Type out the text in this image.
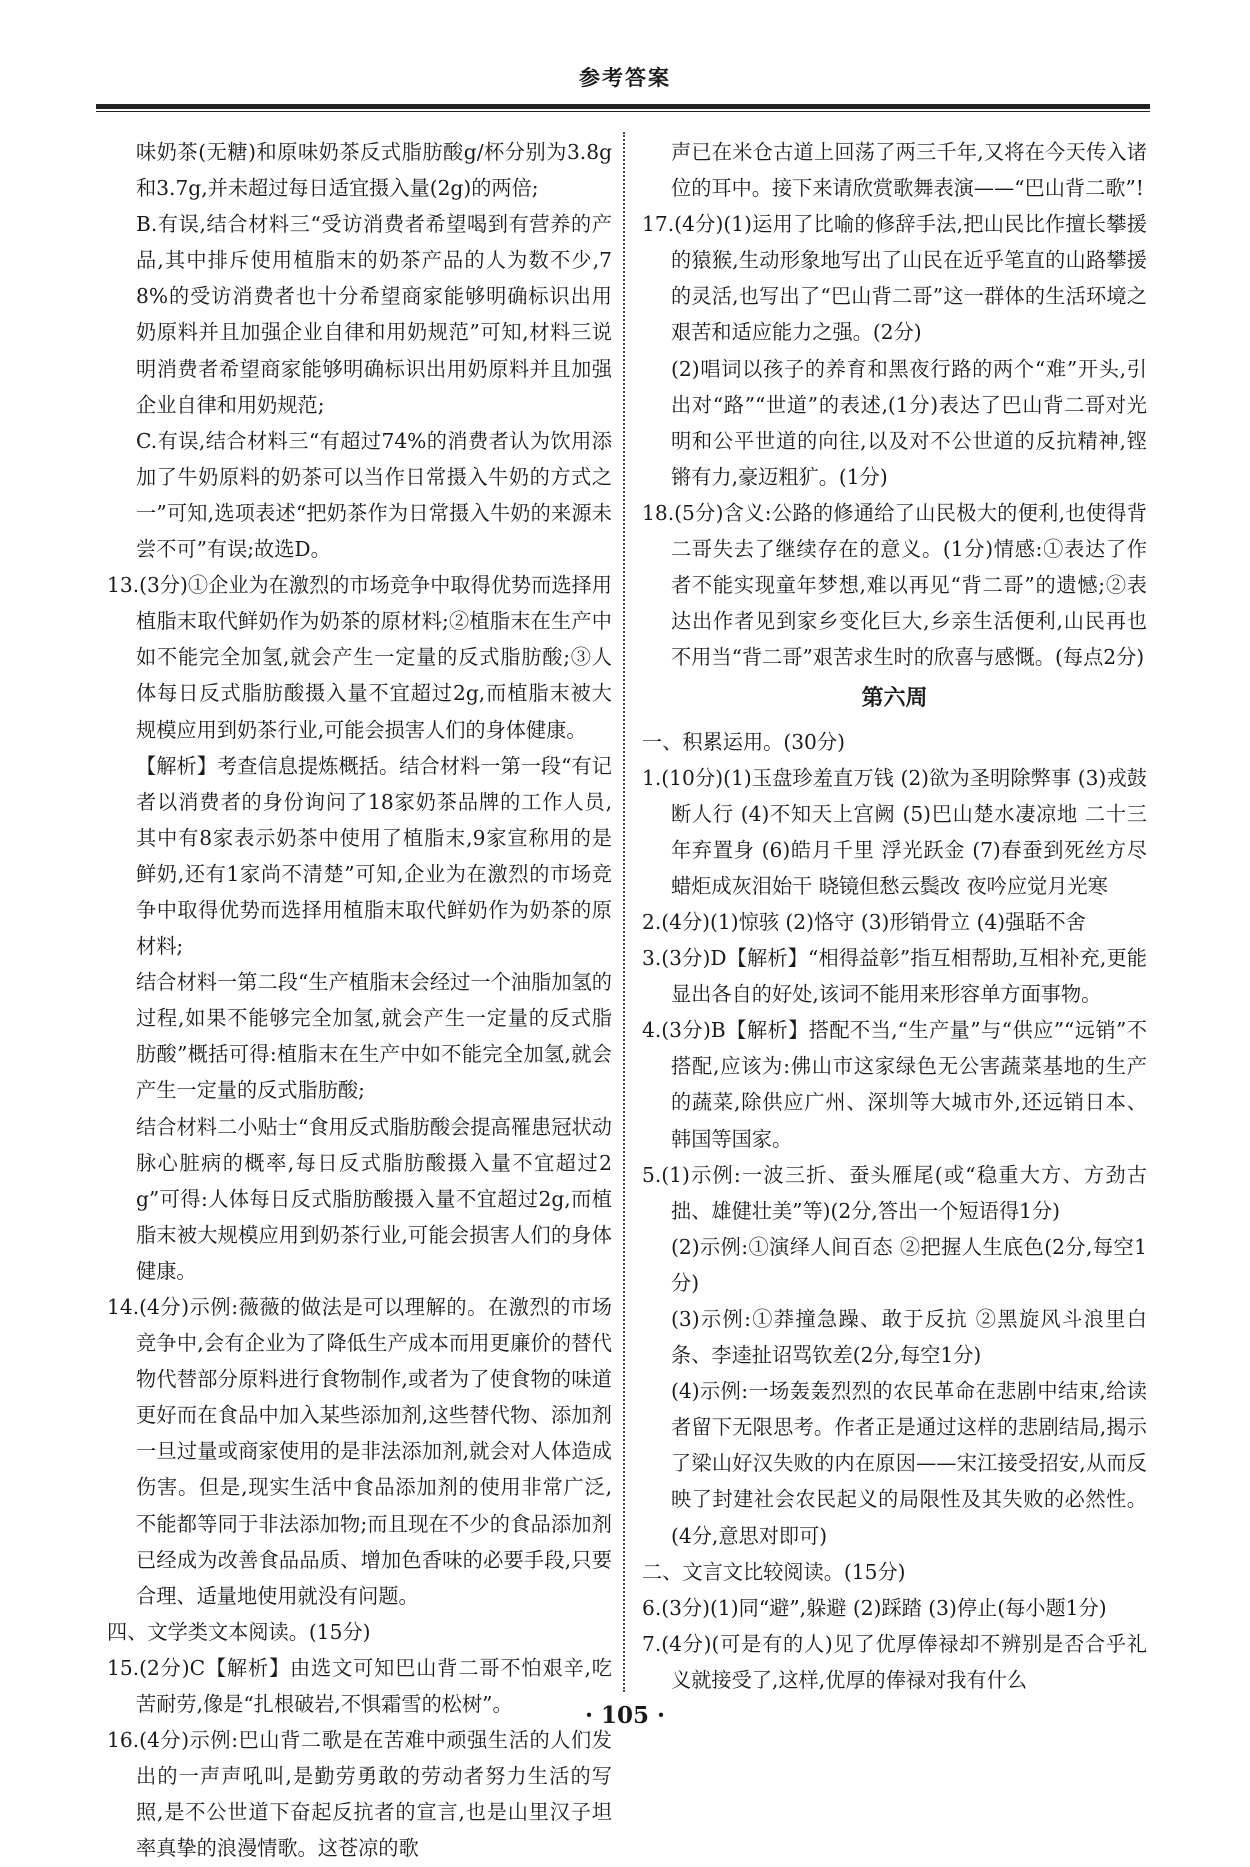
参考答案

味奶茶(无糖)和原味奶茶反式脂肪酸g/杯分别为3.8g和3.7g,并未超过每日适宜摄入量(2g)的两倍;

B.有误,结合材料三“受访消费者希望喝到有营养的产品,其中排斥使用植脂末的奶茶产品的人为数不少,78%的受访消费者也十分希望商家能够明确标识出用奶原料并且加强企业自律和用奶规范”可知,材料三说明消费者希望商家能够明确标识出用奶原料并且加强企业自律和用奶规范;

C.有误,结合材料三“有超过74%的消费者认为饮用添加了牛奶原料的奶茶可以当作日常摄入牛奶的方式之一”可知,选项表述“把奶茶作为日常摄入牛奶的来源未尝不可”有误;故选D。

13.(3分)①企业为在激烈的市场竞争中取得优势而选择用植脂末取代鲜奶作为奶茶的原材料;②植脂末在生产中如不能完全加氢,就会产生一定量的反式脂肪酸;③人体每日反式脂肪酸摄入量不宜超过2g,而植脂末被大规模应用到奶茶行业,可能会损害人们的身体健康。

【解析】考查信息提炼概括。结合材料一第一段“有记者以消费者的身份询问了18家奶茶品牌的工作人员,其中有8家表示奶茶中使用了植脂末,9家宣称用的是鲜奶,还有1家尚不清楚”可知,企业为在激烈的市场竞争中取得优势而选择用植脂末取代鲜奶作为奶茶的原材料;

结合材料一第二段“生产植脂末会经过一个油脂加氢的过程,如果不能够完全加氢,就会产生一定量的反式脂肪酸”概括可得:植脂末在生产中如不能完全加氢,就会产生一定量的反式脂肪酸;

结合材料二小贴士“食用反式脂肪酸会提高罹患冠状动脉心脏病的概率,每日反式脂肪酸摄入量不宜超过2g”可得:人体每日反式脂肪酸摄入量不宜超过2g,而植脂末被大规模应用到奶茶行业,可能会损害人们的身体健康。

14.(4分)示例:薇薇的做法是可以理解的。在激烈的市场竞争中,会有企业为了降低生产成本而用更廉价的替代物代替部分原料进行食物制作,或者为了使食物的味道更好而在食品中加入某些添加剂,这些替代物、添加剂一旦过量或商家使用的是非法添加剂,就会对人体造成伤害。但是,现实生活中食品添加剂的使用非常广泛,不能都等同于非法添加物;而且现在不少的食品添加剂已经成为改善食品品质、增加色香味的必要手段,只要合理、适量地使用就没有问题。

四、文学类文本阅读。(15分)

15.(2分)C【解析】由选文可知巴山背二哥不怕艰辛,吃苦耐劳,像是“扎根破岩,不惧霜雪的松树”。

16.(4分)示例:巴山背二歌是在苦难中顽强生活的人们发出的一声声吼叫,是勤劳勇敢的劳动者努力生活的写照,是不公世道下奋起反抗者的宣言,也是山里汉子坦率真挚的浪漫情歌。这苍凉的歌

声已在米仓古道上回荡了两三千年,又将在今天传入诸位的耳中。接下来请欣赏歌舞表演——“巴山背二歌”!

17.(4分)(1)运用了比喻的修辞手法,把山民比作擅长攀援的猿猴,生动形象地写出了山民在近乎笔直的山路攀援的灵活,也写出了“巴山背二哥”这一群体的生活环境之艰苦和适应能力之强。(2分)

(2)唱词以孩子的养育和黑夜行路的两个“难”开头,引出对“路”“世道”的表述,(1分)表达了巴山背二哥对光明和公平世道的向往,以及对不公世道的反抗精神,铿锵有力,豪迈粗犷。(1分)

18.(5分)含义:公路的修通给了山民极大的便利,也使得背二哥失去了继续存在的意义。(1分)情感:①表达了作者不能实现童年梦想,难以再见“背二哥”的遗憾;②表达出作者见到家乡变化巨大,乡亲生活便利,山民再也不用当“背二哥”艰苦求生时的欣喜与感慨。(每点2分)

第六周

一、积累运用。(30分)

1.(10分)(1)玉盘珍羞直万钱 (2)欲为圣明除弊事 (3)戎鼓断人行 (4)不知天上宫阙 (5)巴山楚水凄凉地 二十三年弃置身 (6)皓月千里 浮光跃金 (7)春蚕到死丝方尽 蜡炬成灰泪始干 晓镜但愁云鬓改 夜吟应觉月光寒

2.(4分)(1)惊骇 (2)恪守 (3)形销骨立 (4)强聒不舍

3.(3分)D【解析】“相得益彰”指互相帮助,互相补充,更能显出各自的好处,该词不能用来形容单方面事物。

4.(3分)B【解析】搭配不当,“生产量”与“供应”“远销”不搭配,应该为:佛山市这家绿色无公害蔬菜基地的生产的蔬菜,除供应广州、深圳等大城市外,还远销日本、韩国等国家。

5.(1)示例:一波三折、蚕头雁尾(或“稳重大方、方劲古拙、雄健壮美”等)(2分,答出一个短语得1分)

(2)示例:①演绎人间百态 ②把握人生底色(2分,每空1分)

(3)示例:①莽撞急躁、敢于反抗 ②黑旋风斗浪里白条、李逵扯诏骂钦差(2分,每空1分)

(4)示例:一场轰轰烈烈的农民革命在悲剧中结束,给读者留下无限思考。作者正是通过这样的悲剧结局,揭示了梁山好汉失败的内在原因——宋江接受招安,从而反映了封建社会农民起义的局限性及其失败的必然性。(4分,意思对即可)

二、文言文比较阅读。(15分)

6.(3分)(1)同“避”,躲避 (2)踩踏 (3)停止(每小题1分)

7.(4分)(可是有的人)见了优厚俸禄却不辨别是否合乎礼义就接受了,这样,优厚的俸禄对我有什么

· 105 ·
